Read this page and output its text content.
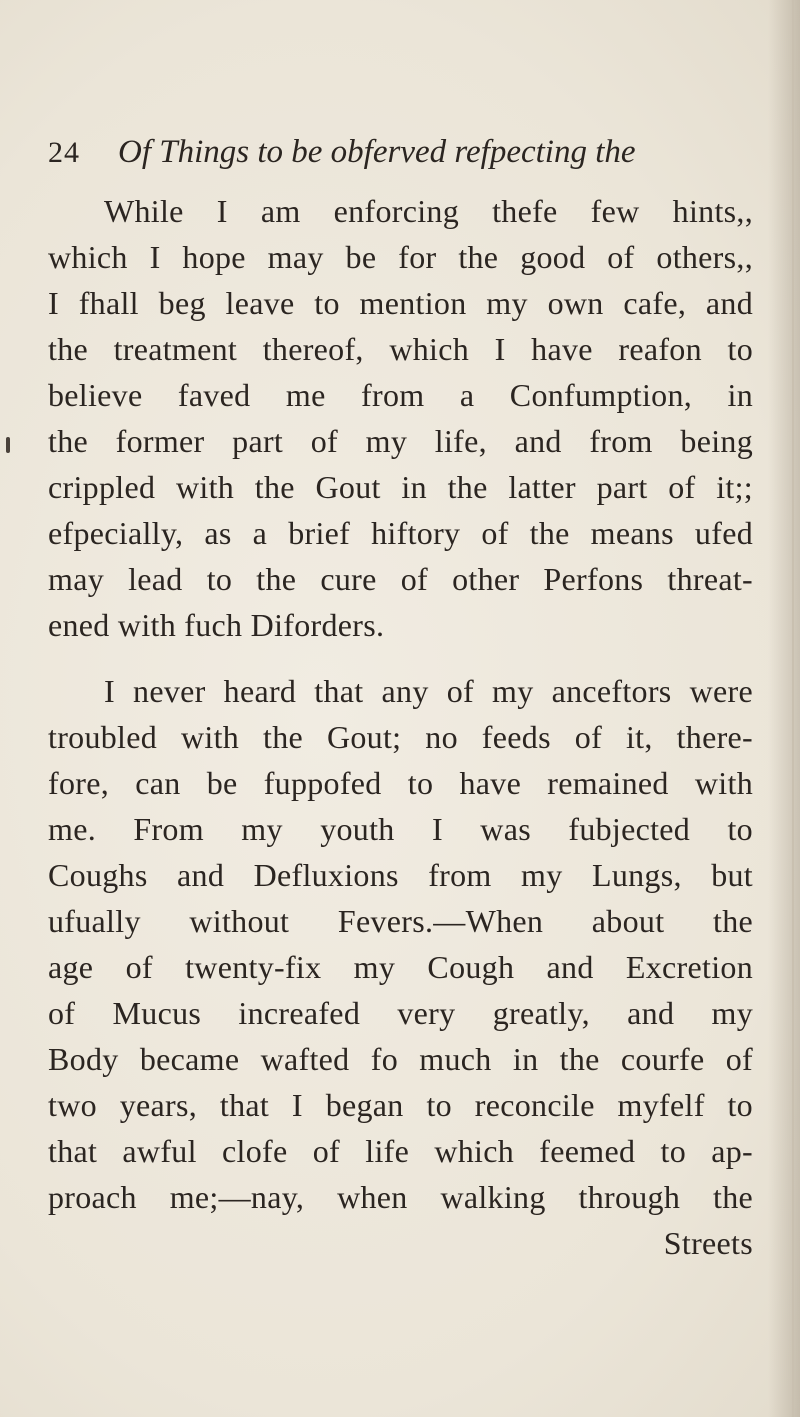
24 Of Things to be obferved refpecting the
While I am enforcing thefe few hints,,
which I hope may be for the good of others,,
I fhall beg leave to mention my own cafe, and
the treatment thereof, which I have reafon to
believe faved me from a Confumption, in
the former part of my life, and from being
crippled with the Gout in the latter part of it;;
efpecially, as a brief hiftory of the means ufed
may lead to the cure of other Perfons threat-
ened with fuch Diforders.
I never heard that any of my anceftors were
troubled with the Gout; no feeds of it, there-
fore, can be fuppofed to have remained with
me. From my youth I was fubjected to
Coughs and Defluxions from my Lungs, but
ufually without Fevers.—When about the
age of twenty-fix my Cough and Excretion
of Mucus increafed very greatly, and my
Body became wafted fo much in the courfe of
two years, that I began to reconcile myfelf to
that awful clofe of life which feemed to ap-
proach me;—nay, when walking through the
Streets
